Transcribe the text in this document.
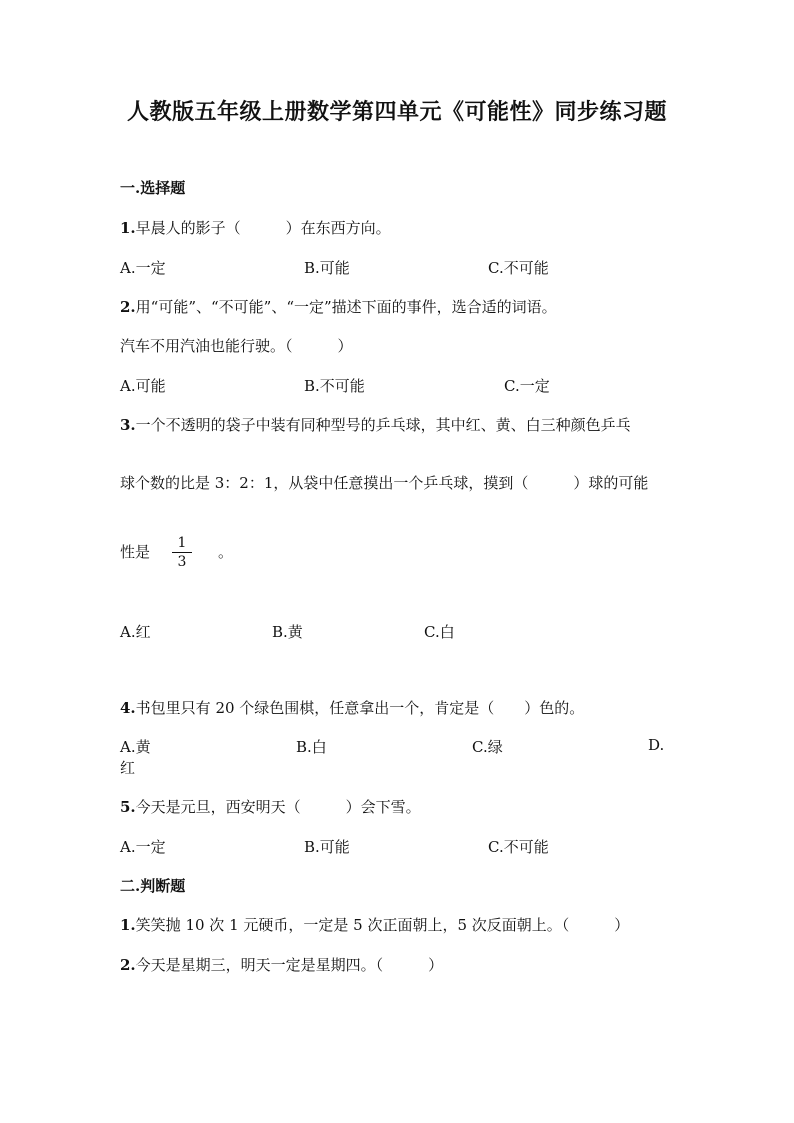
人教版五年级上册数学第四单元《可能性》同步练习题
一.选择题
1.早晨人的影子（　　　）在东西方向。
A.一定	B.可能	C.不可能
2.用“可能”、“不可能”、“一定”描述下面的事件，选合适的词语。
汽车不用汽油也能行驶。（　　　）
A.可能	B.不可能	C.一定
3.一个不透明的袋子中装有同种型号的乒乓球，其中红、黄、白三种颜色乒乓
球个数的比是 3：2：1，从袋中任意摸出一个乒乓球，摸到（　　　）球的可能
性是	1
3
。
A.红	B.黄	C.白
4.书包里只有 20 个绿色围棋，任意拿出一个，肯定是（　　）色的。
A.黄	B.白	C.绿	D.
红
5.今天是元旦，西安明天（　　　）会下雪。
A.一定	B.可能	C.不可能
二.判断题
1.笑笑抛 10 次 1 元硬币，一定是 5 次正面朝上，5 次反面朝上。（　　　）
2.今天是星期三，明天一定是星期四。（　　　）
